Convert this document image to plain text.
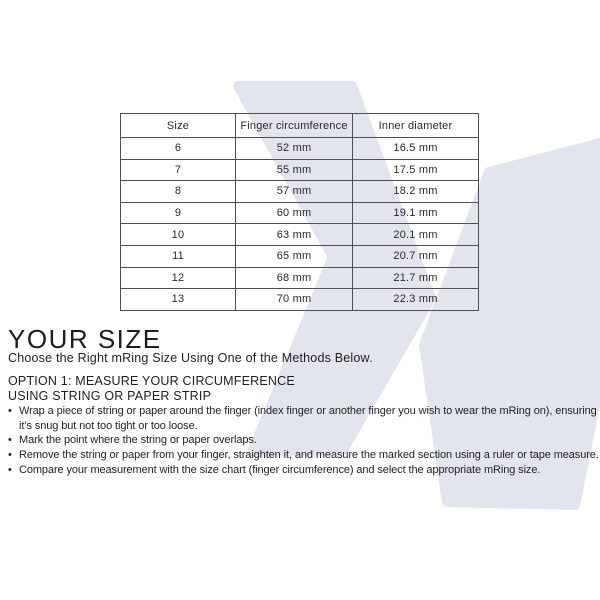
Size	Finger circumference	Inner diameter
6	52 mm	16.5 mm
7	55 mm	17.5 mm
8	57 mm	18.2 mm
9	60 mm	19.1 mm
10	63 mm	20.1 mm
11	65 mm	20.7 mm
12	68 mm	21.7 mm
13	70 mm	22.3 mm
YOUR SIZE
Choose the Right mRing Size Using One of the Methods Below.
OPTION 1: MEASURE YOUR CIRCUMFERENCE
USING STRING OR PAPER STRIP
• Wrap a piece of string or paper around the finger (index finger or another finger you wish to wear the mRing on), ensuring it’s snug but not too tight or too loose.
• Mark the point where the string or paper overlaps.
• Remove the string or paper from your finger, straighten it, and measure the marked section using a ruler or tape measure.
• Compare your measurement with the size chart (finger circumference) and select the appropriate mRing size.
